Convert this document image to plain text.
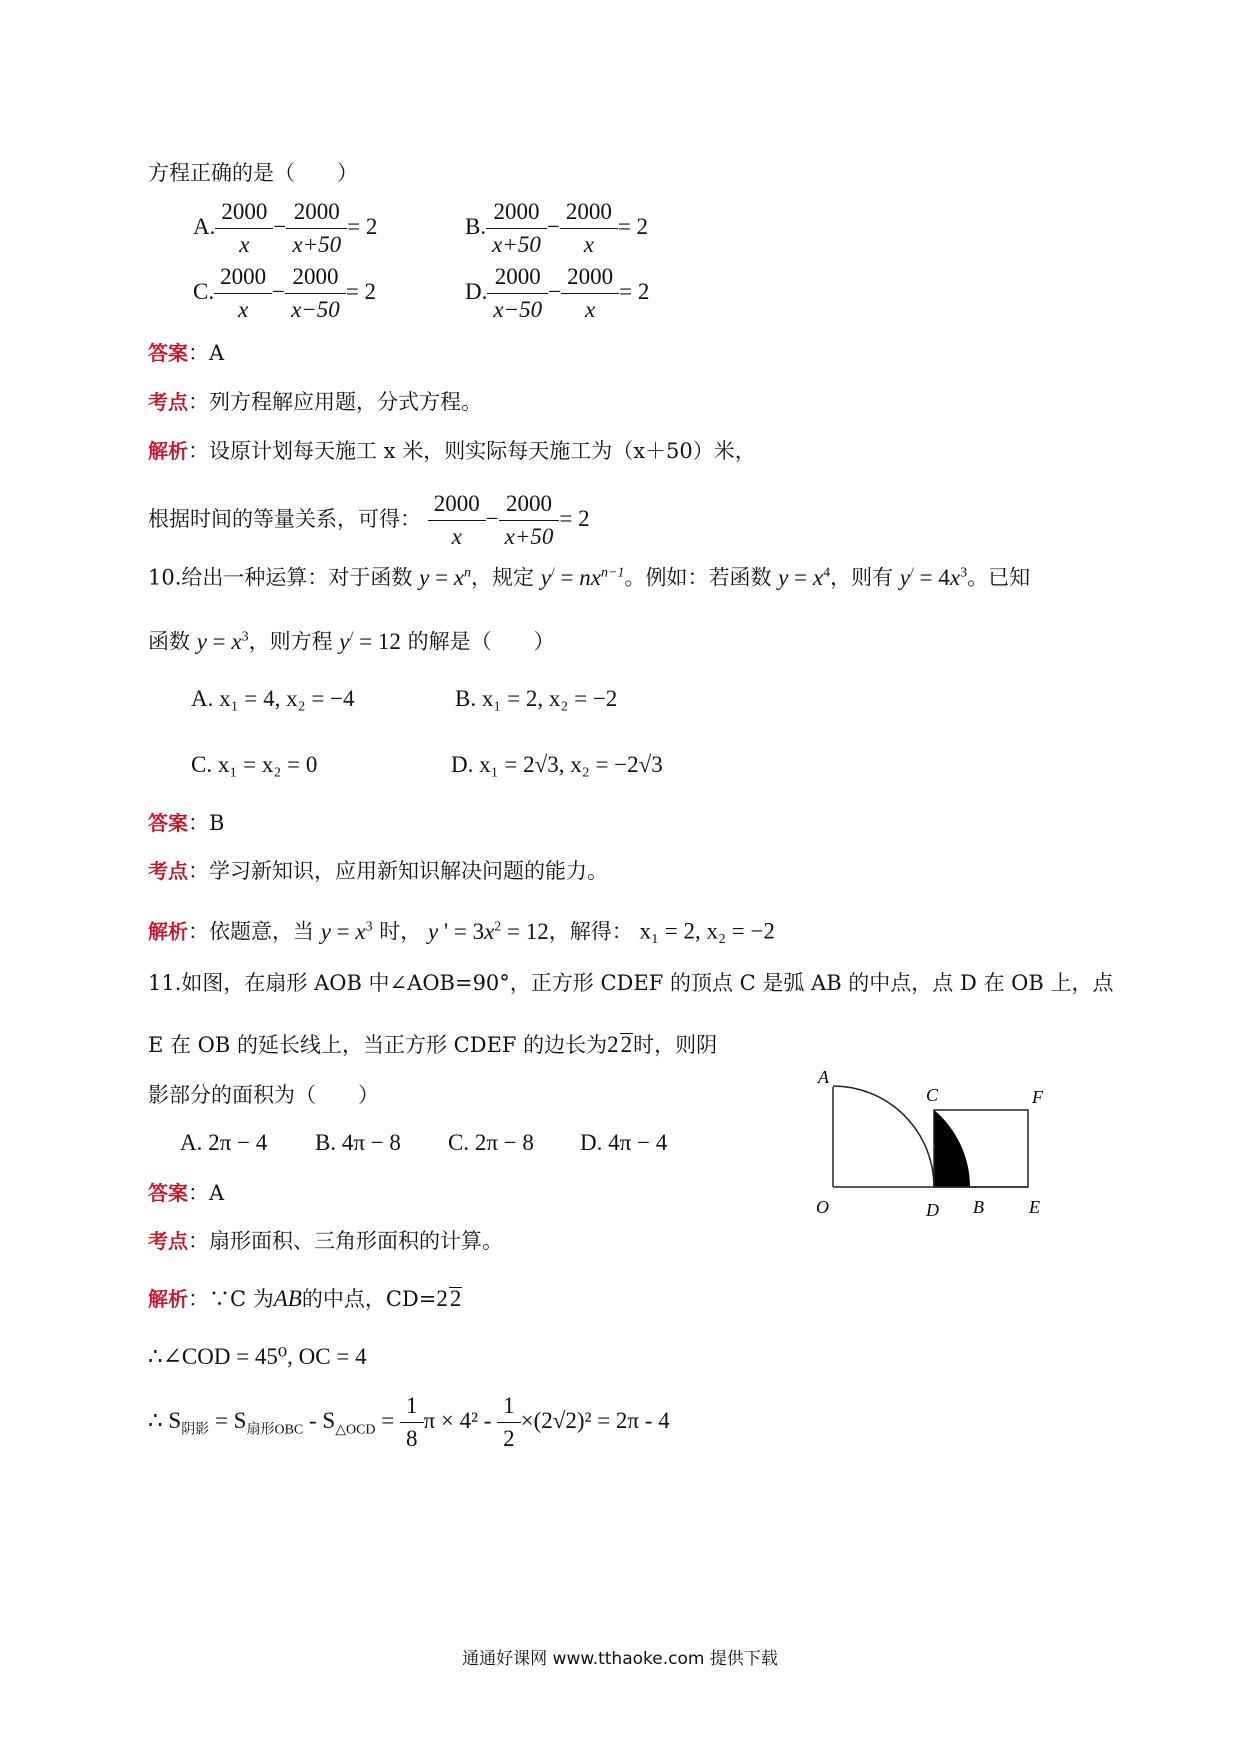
方程正确的是（　　）
A. $\frac{2000}{x} - \frac{2000}{x+50} = 2$	B. $\frac{2000}{x+50} - \frac{2000}{x} = 2$
C. $\frac{2000}{x} - \frac{2000}{x-50} = 2$	D. $\frac{2000}{x-50} - \frac{2000}{x} = 2$
答案：A
考点：列方程解应用题，分式方程。
解析：设原计划每天施工 x 米，则实际每天施工为（x＋50）米，
根据时间的等量关系，可得： $\frac{2000}{x} - \frac{2000}{x+50} = 2$
10.给出一种运算：对于函数 $y = x^n$，规定 $y^/ = nx^{n-1}$。例如：若函数 $y = x^4$，则有 $y^/ = 4x^3$。已知
函数 $y = x^3$，则方程 y/ = 12 的解是（　　）
A. x₁ = 4, x₂ = −4	B. x₁ = 2, x₂ = −2
C. x₁ = x₂ = 0	D. x₁ = 2√3, x₂ = −2√3
答案：B
考点：学习新知识，应用新知识解决问题的能力。
解析：依题意，当 $y = x^3$ 时， y ' = $3x^2 = 12$，解得： x₁ = 2, x₂ = −2
11.如图，在扇形 AOB 中∠AOB=90°，正方形 CDEF 的顶点 C 是弧 AB 的中点，点 D 在 OB 上，点
E 在 OB 的延长线上，当正方形 CDEF 的边长为22时，则阴
影部分的面积为（　　）
A. 2π − 4 B. 4π − 8 C. 2π − 8 D. 4π − 4
答案：A
考点：扇形面积、三角形面积的计算。
解析：∵C 为AB的中点，CD=22
∴∠COD = 45⁰, OC = 4
∴ $S_{阴影} = S_{扇形OBC} - S_{\triangle OCD} = \frac{1}{8}$ $\pi \times 4^2 - \frac{1}{2} \times(2√2)^2 = 2\pi - 4$
A
C	F
O	D B	E
通通好课网 www.tthaoke.com 提供下载
